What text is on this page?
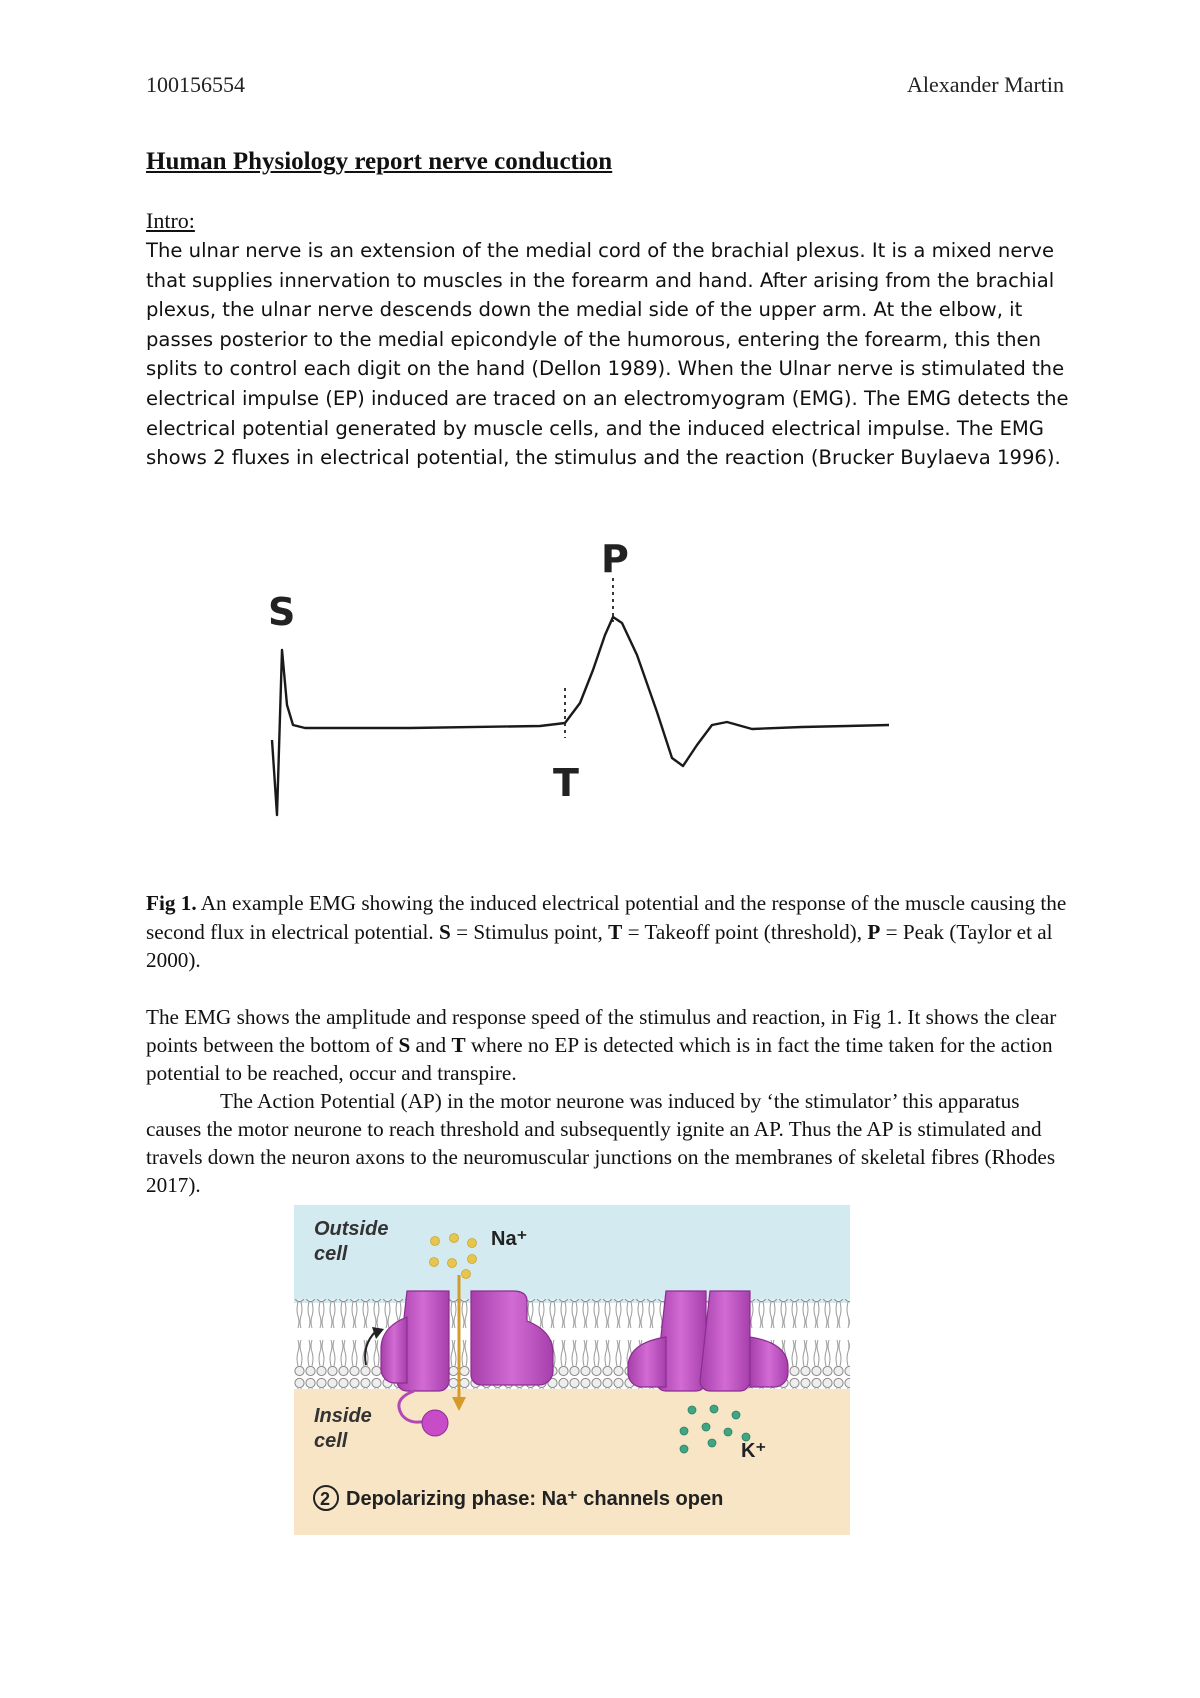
100156554	Alexander Martin
Human Physiology report nerve conduction
Intro:

The ulnar nerve is an extension of the medial cord of the brachial plexus. It is a mixed nerve that supplies innervation to muscles in the forearm and hand. After arising from the brachial plexus, the ulnar nerve descends down the medial side of the upper arm. At the elbow, it passes posterior to the medial epicondyle of the humorous, entering the forearm, this then splits to control each digit on the hand (Dellon 1989). When the Ulnar nerve is stimulated the electrical impulse (EP) induced are traced on an electromyogram (EMG). The EMG detects the electrical potential generated by muscle cells, and the induced electrical impulse. The EMG shows 2 fluxes in electrical potential, the stimulus and the reaction (Brucker Buylaeva 1996).

S
T
P

Fig 1. An example EMG showing the induced electrical potential and the response of the muscle causing the second flux in electrical potential. S = Stimulus point, T = Takeoff point (threshold), P = Peak (Taylor et al 2000).

The EMG shows the amplitude and response speed of the stimulus and reaction, in Fig 1. It shows the clear points between the bottom of S and T where no EP is detected which is in fact the time taken for the action potential to be reached, occur and transpire.

The Action Potential (AP) in the motor neurone was induced by ‘the stimulator’ this apparatus causes the motor neurone to reach threshold and subsequently ignite an AP. Thus the AP is stimulated and travels down the neuron axons to the neuromuscular junctions on the membranes of skeletal fibres (Rhodes 2017).

Outside
cell
Na⁺
Inside
cell	K⁺
2 Depolarizing phase: Na⁺ channels open
